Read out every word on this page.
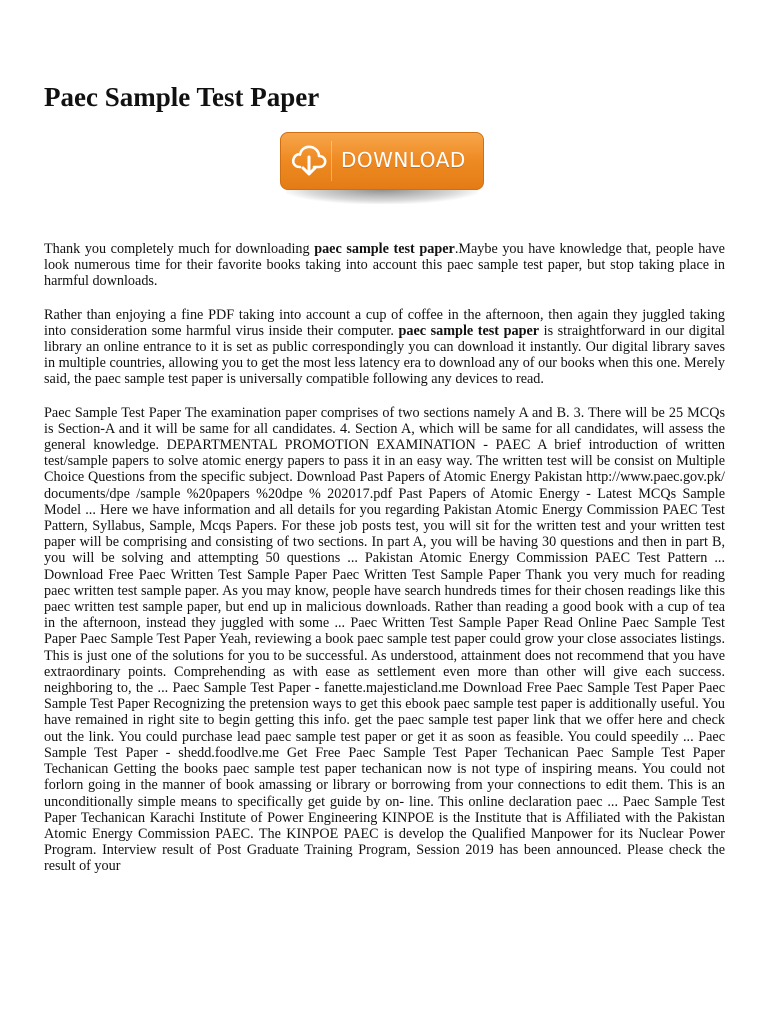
Paec Sample Test Paper
DOWNLOAD

Thank you completely much for downloading paec sample test paper.Maybe you have knowledge that, people have look numerous time for their favorite books taking into account this paec sample test paper, but stop taking place in harmful downloads.

Rather than enjoying a fine PDF taking into account a cup of coffee in the afternoon, then again they juggled taking into consideration some harmful virus inside their computer. paec sample test paper is straightforward in our digital library an online entrance to it is set as public correspondingly you can download it instantly. Our digital library saves in multiple countries, allowing you to get the most less latency era to download any of our books when this one. Merely said, the paec sample test paper is universally compatible following any devices to read.

Paec Sample Test Paper The examination paper comprises of two sections namely A and B. 3. There will be 25 MCQs is Section-A and it will be same for all candidates. 4. Section A, which will be same for all candidates, will assess the general knowledge. DEPARTMENTAL PROMOTION EXAMINATION - PAEC A brief introduction of written test/sample papers to solve atomic energy papers to pass it in an easy way. The written test will be consist on Multiple Choice Questions from the specific subject. Download Past Papers of Atomic Energy Pakistan http://www.paec.gov.pk/ documents/dpe /sample %20papers %20dpe % 202017.pdf Past Papers of Atomic Energy - Latest MCQs Sample Model ... Here we have information and all details for you regarding Pakistan Atomic Energy Commission PAEC Test Pattern, Syllabus, Sample, Mcqs Papers. For these job posts test, you will sit for the written test and your written test paper will be comprising and consisting of two sections. In part A, you will be having 30 questions and then in part B, you will be solving and attempting 50 questions ... Pakistan Atomic Energy Commission PAEC Test Pattern ... Download Free Paec Written Test Sample Paper Paec Written Test Sample Paper Thank you very much for reading paec written test sample paper. As you may know, people have search hundreds times for their chosen readings like this paec written test sample paper, but end up in malicious downloads. Rather than reading a good book with a cup of tea in the afternoon, instead they juggled with some ... Paec Written Test Sample Paper Read Online Paec Sample Test Paper Paec Sample Test Paper Yeah, reviewing a book paec sample test paper could grow your close associates listings. This is just one of the solutions for you to be successful. As understood, attainment does not recommend that you have extraordinary points. Comprehending as with ease as settlement even more than other will give each success. neighboring to, the ... Paec Sample Test Paper - fanette.majesticland.me Download Free Paec Sample Test Paper Paec Sample Test Paper Recognizing the pretension ways to get this ebook paec sample test paper is additionally useful. You have remained in right site to begin getting this info. get the paec sample test paper link that we offer here and check out the link. You could purchase lead paec sample test paper or get it as soon as feasible. You could speedily ... Paec Sample Test Paper - shedd.foodlve.me Get Free Paec Sample Test Paper Techanican Paec Sample Test Paper Techanican Getting the books paec sample test paper techanican now is not type of inspiring means. You could not forlorn going in the manner of book amassing or library or borrowing from your connections to edit them. This is an unconditionally simple means to specifically get guide by on- line. This online declaration paec ... Paec Sample Test Paper Techanican Karachi Institute of Power Engineering KINPOE is the Institute that is Affiliated with the Pakistan Atomic Energy Commission PAEC. The KINPOE PAEC is develop the Qualified Manpower for its Nuclear Power Program. Interview result of Post Graduate Training Program, Session 2019 has been announced. Please check the result of your
